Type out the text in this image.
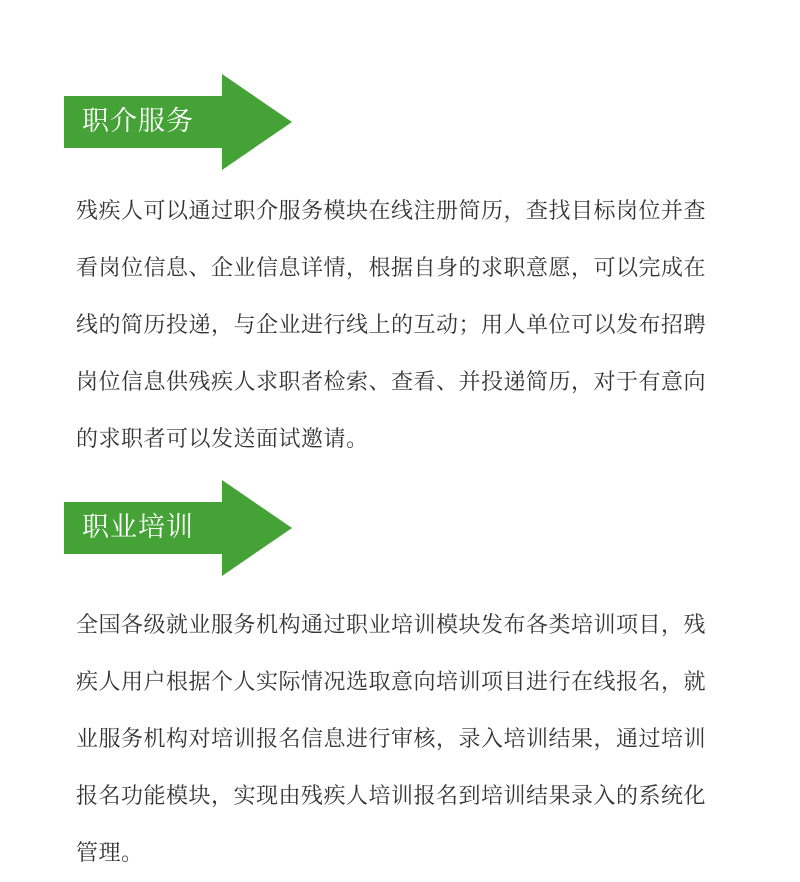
职介服务

残疾人可以通过职介服务模块在线注册简历，查找目标岗位并查
看岗位信息、企业信息详情，根据自身的求职意愿，可以完成在
线的简历投递，与企业进行线上的互动；用人单位可以发布招聘
岗位信息供残疾人求职者检索、查看、并投递简历，对于有意向
的求职者可以发送面试邀请。

职业培训

全国各级就业服务机构通过职业培训模块发布各类培训项目，残
疾人用户根据个人实际情况选取意向培训项目进行在线报名，就
业服务机构对培训报名信息进行审核，录入培训结果，通过培训
报名功能模块，实现由残疾人培训报名到培训结果录入的系统化
管理。
